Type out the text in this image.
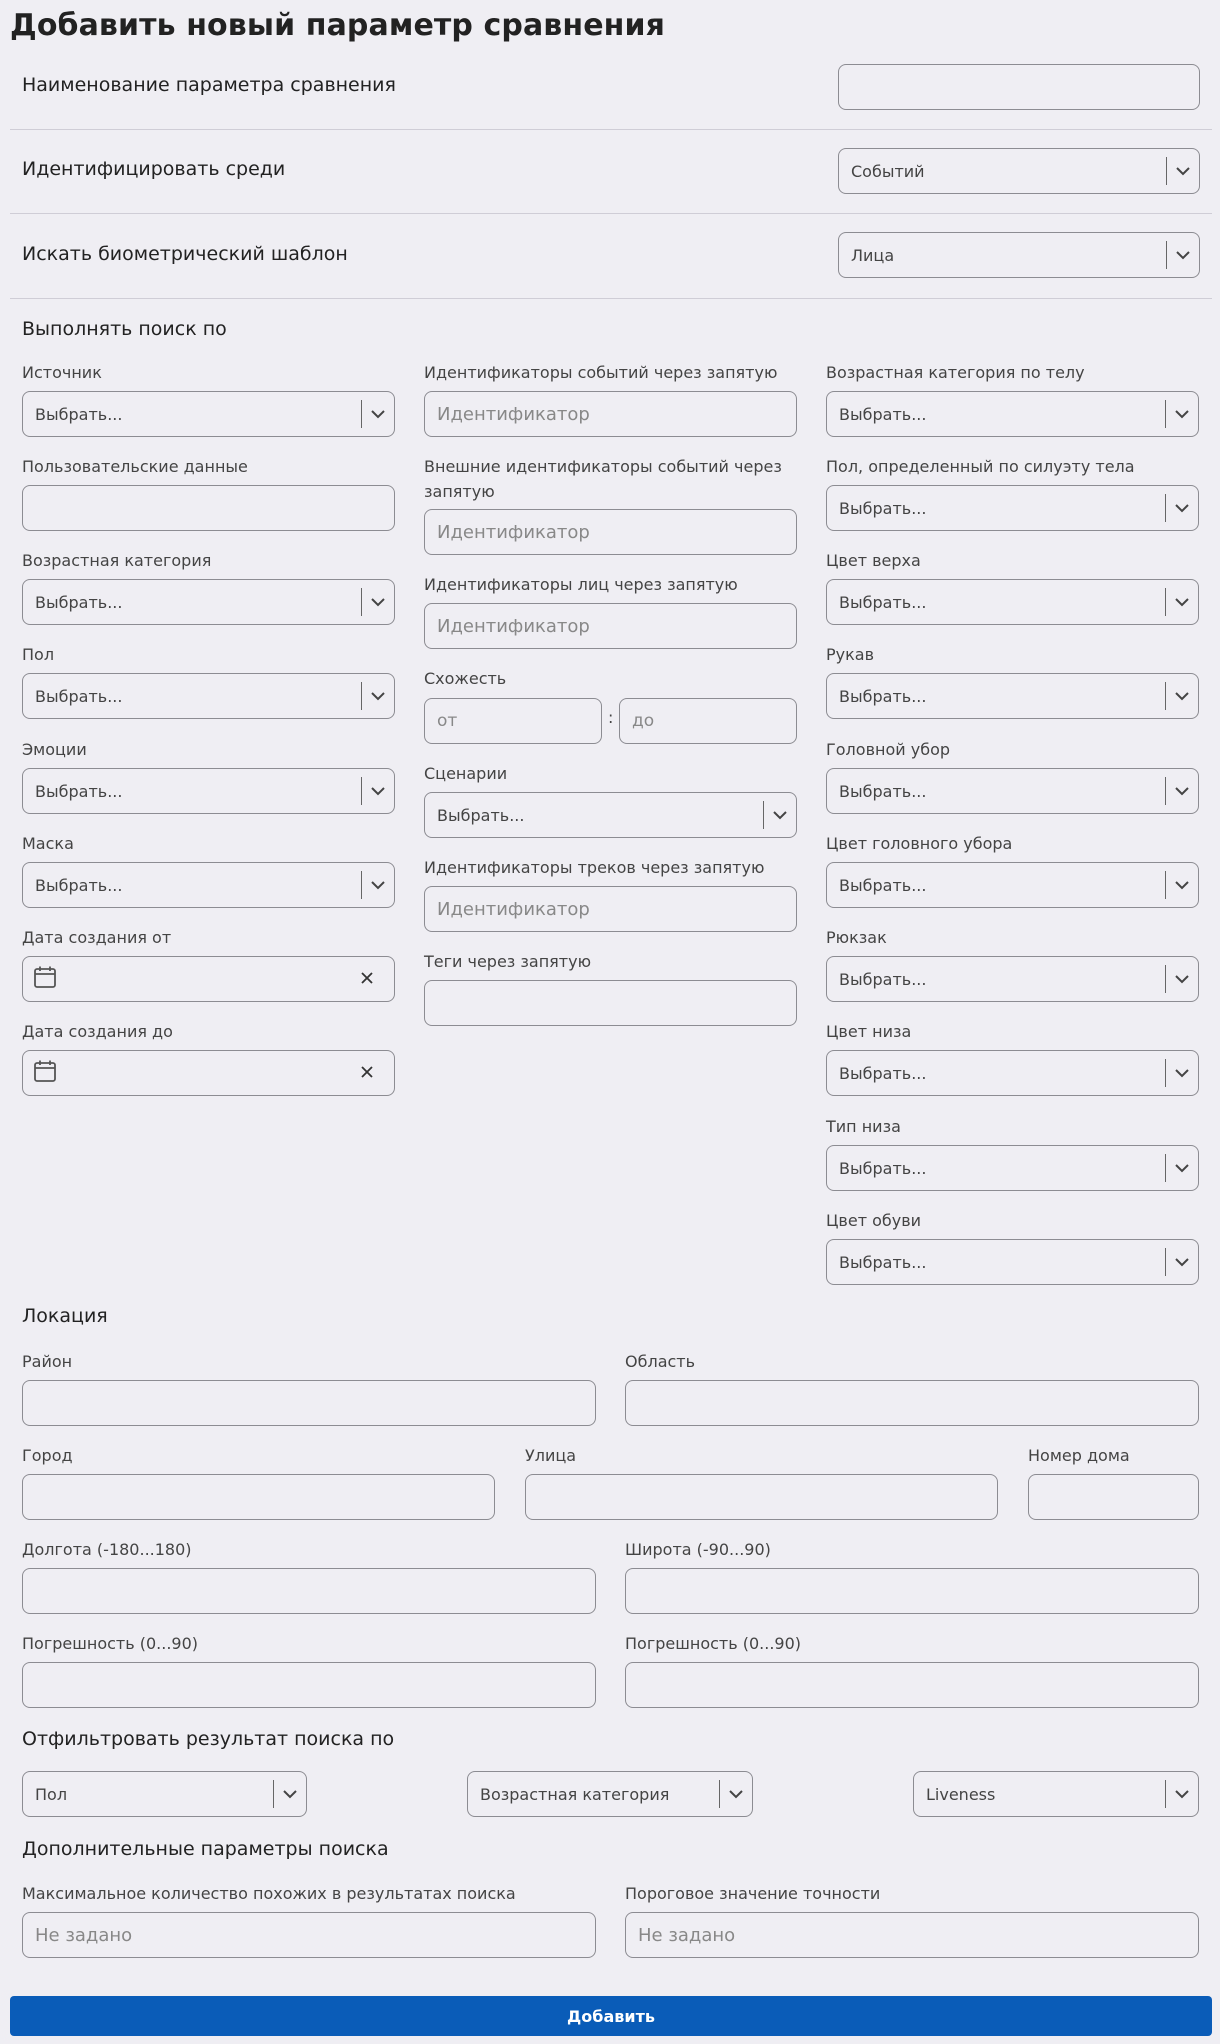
Добавить новый параметр сравнения
Наименование параметра сравнения
Идентифицировать среди	Событий
Искать биометрический шаблон	Лица
Выполнять поиск по
Источник
Выбрать...
Пользовательские данные
Возрастная категория
Выбрать...
Пол
Выбрать...
Эмоции
Выбрать...
Маска
Выбрать...
Дата создания от
Дата создания до
Идентификаторы событий через запятую
Идентификатор
Внешние идентификаторы событий через запятую
Идентификатор
Идентификаторы лиц через запятую
Идентификатор
Схожесть
от	: до
Сценарии
Выбрать...
Идентификаторы треков через запятую
Идентификатор
Теги через запятую
Возрастная категория по телу
Выбрать...
Пол, определенный по силуэту тела
Выбрать...
Цвет верха
Выбрать...
Рукав
Выбрать...
Головной убор
Выбрать...
Цвет головного убора
Выбрать...
Рюкзак
Выбрать...
Цвет низа
Выбрать...
Тип низа
Выбрать...
Цвет обуви
Выбрать...
Локация
Район	Область
Город	Улица	Номер дома
Долгота (-180...180)	Широта (-90...90)
Погрешность (0...90)	Погрешность (0...90)
Отфильтровать результат поиска по
Пол	Возрастная категория	Liveness
Дополнительные параметры поиска
Максимальное количество похожих в результатах поиска
Не задано
Пороговое значение точности
Не задано
Добавить
